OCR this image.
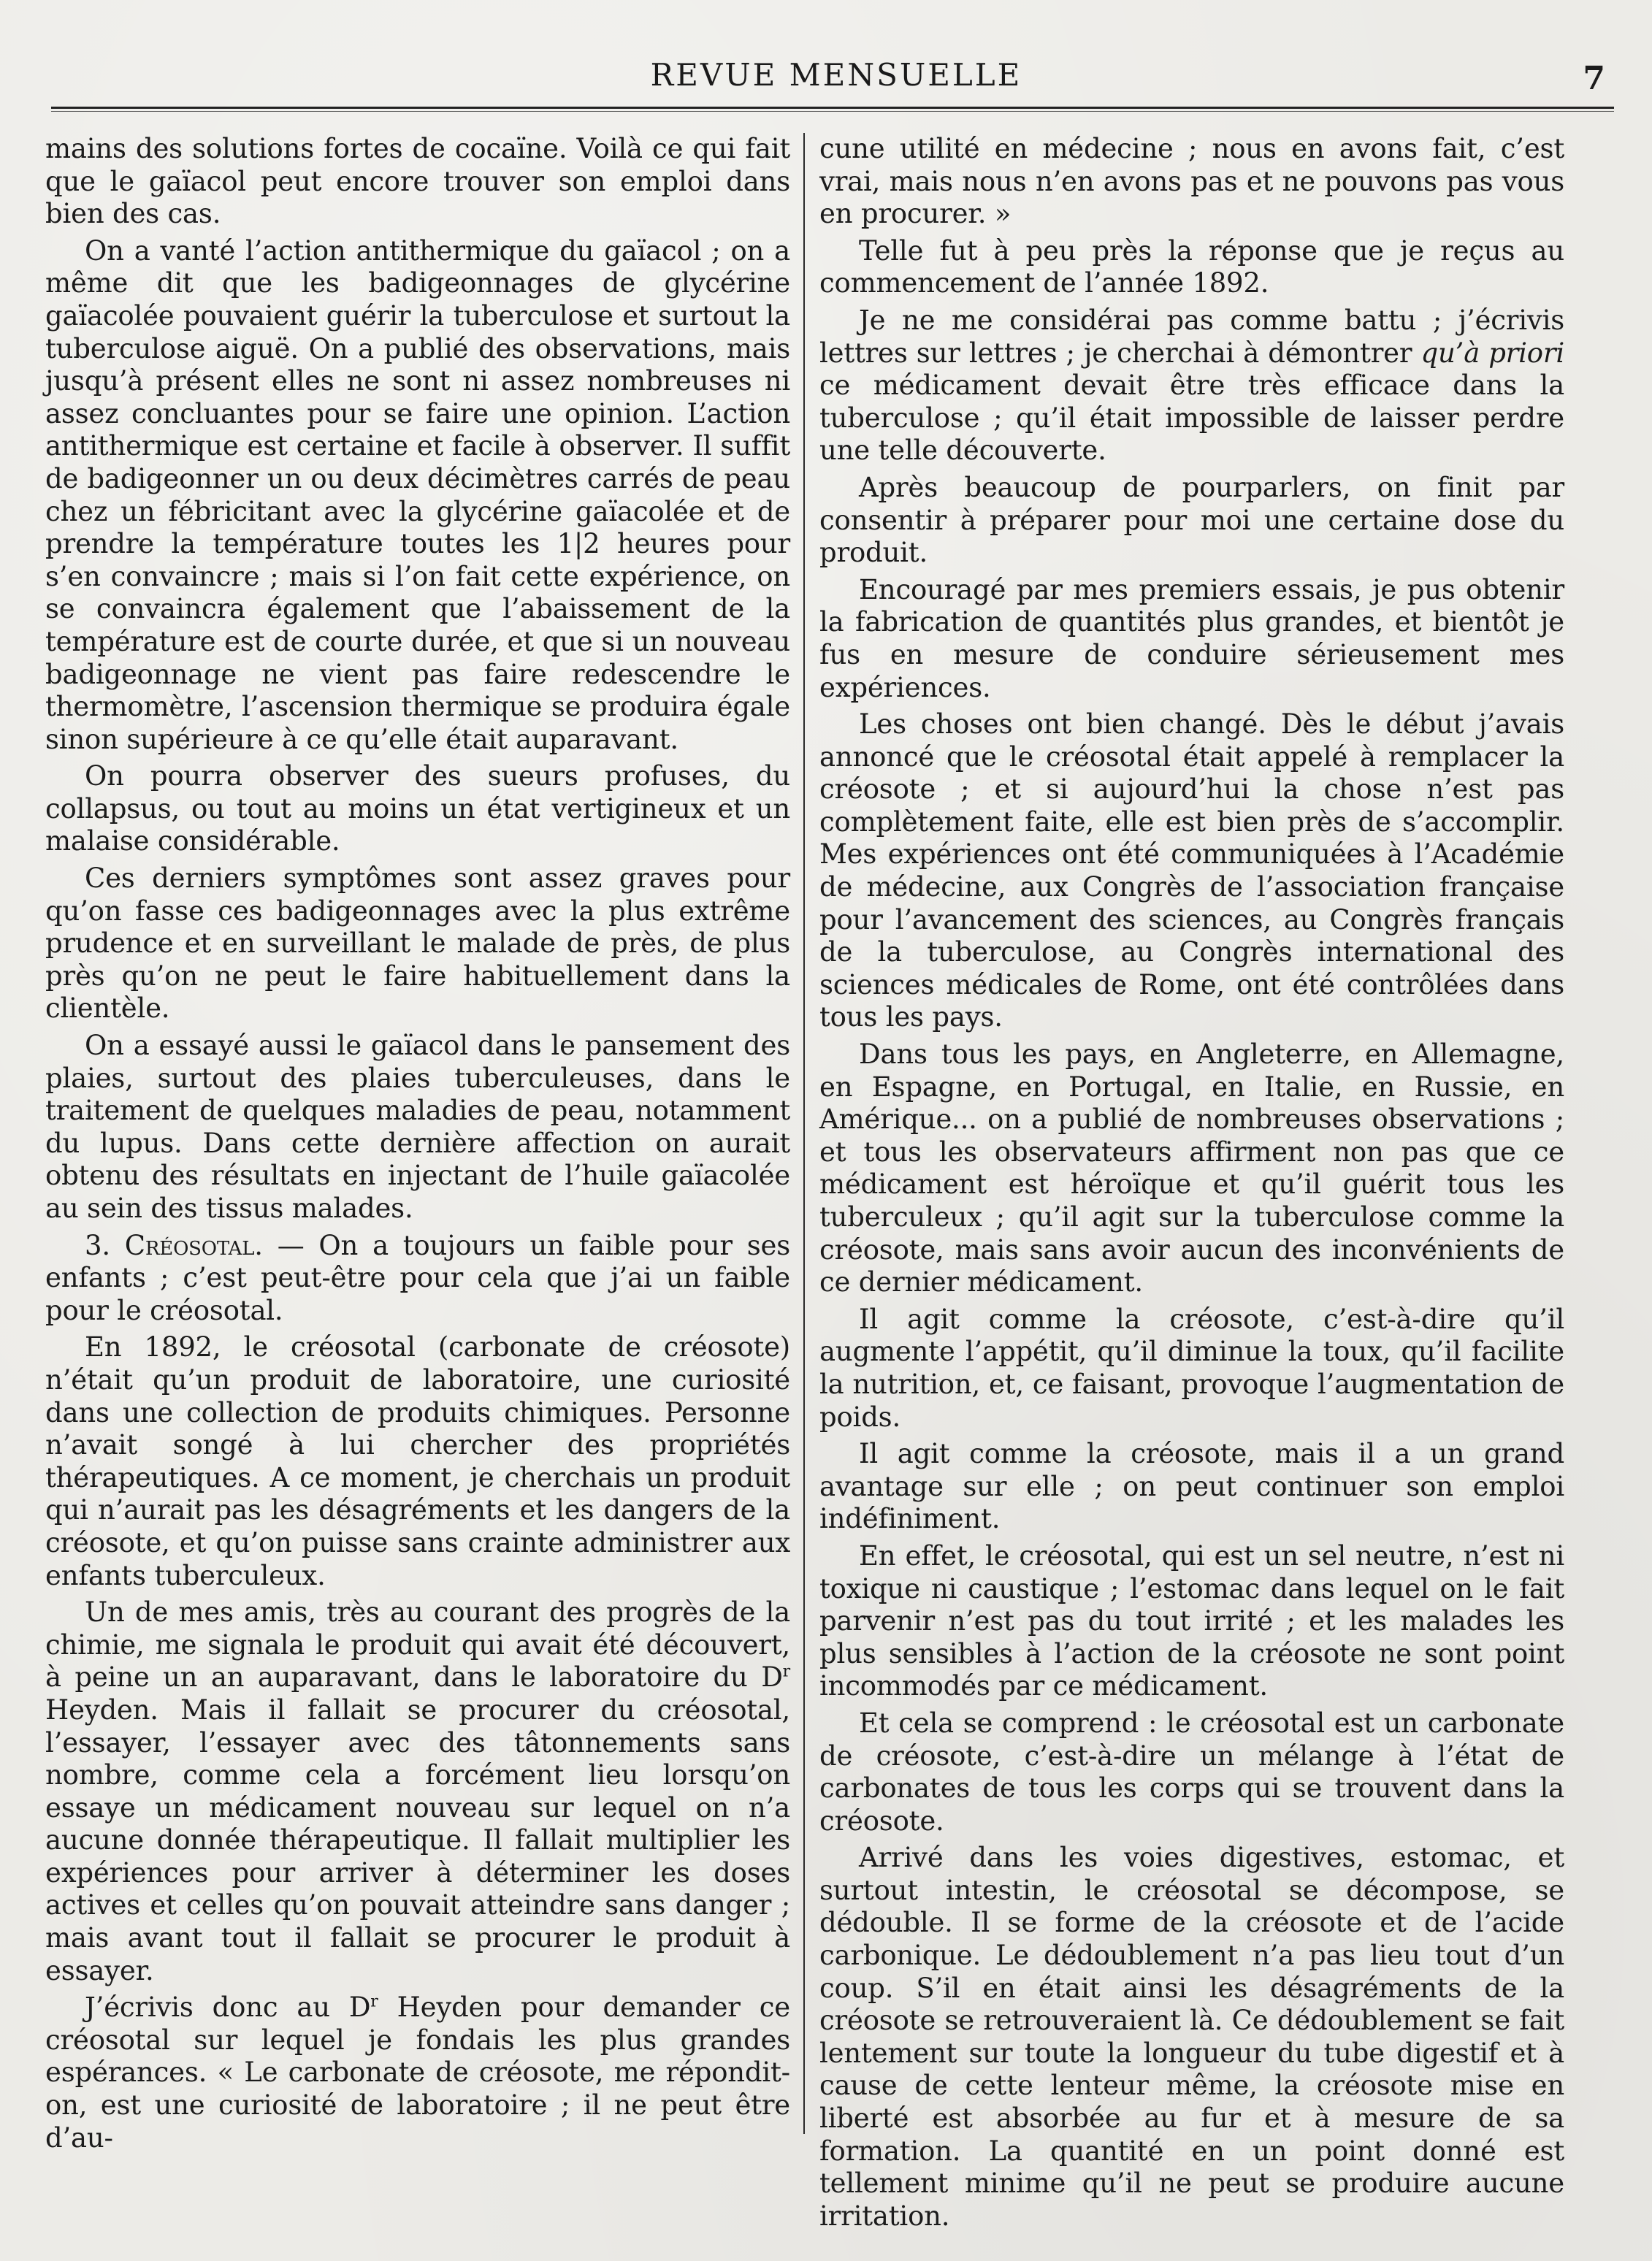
REVUE MENSUELLE	7

mains des solutions fortes de cocaïne. Voilà ce qui fait que le gaïacol peut encore trouver son emploi dans bien des cas.

On a vanté l’action antithermique du gaïacol ; on a même dit que les badigeonnages de glycérine gaïacolée pouvaient guérir la tuberculose et surtout la tuberculose aiguë. On a publié des observations, mais jusqu’à présent elles ne sont ni assez nombreuses ni assez concluantes pour se faire une opinion. L’action antithermique est certaine et facile à observer. Il suffit de badigeonner un ou deux décimètres carrés de peau chez un fébricitant avec la glycérine gaïacolée et de prendre la température toutes les 1|2 heures pour s’en convaincre ; mais si l’on fait cette expérience, on se convaincra également que l’abaissement de la température est de courte durée, et que si un nouveau badigeonnage ne vient pas faire redescendre le thermomètre, l’ascension thermique se produira égale sinon supérieure à ce qu’elle était auparavant.

On pourra observer des sueurs profuses, du collapsus, ou tout au moins un état vertigineux et un malaise considérable.

Ces derniers symptômes sont assez graves pour qu’on fasse ces badigeonnages avec la plus extrême prudence et en surveillant le malade de près, de plus près qu’on ne peut le faire habituellement dans la clientèle.

On a essayé aussi le gaïacol dans le pansement des plaies, surtout des plaies tuberculeuses, dans le traitement de quelques maladies de peau, notamment du lupus. Dans cette dernière affection on aurait obtenu des résultats en injectant de l’huile gaïacolée au sein des tissus malades.

3. Créosotal. — On a toujours un faible pour ses enfants ; c’est peut-être pour cela que j’ai un faible pour le créosotal.

En 1892, le créosotal (carbonate de créosote) n’était qu’un produit de laboratoire, une curiosité dans une collection de produits chimiques. Personne n’avait songé à lui chercher des propriétés thérapeutiques. A ce moment, je cherchais un produit qui n’aurait pas les désagréments et les dangers de la créosote, et qu’on puisse sans crainte administrer aux enfants tuberculeux.

Un de mes amis, très au courant des progrès de la chimie, me signala le produit qui avait été découvert, à peine un an auparavant, dans le laboratoire du $D^r$ Heyden. Mais il fallait se procurer du créosotal, l’essayer, l’essayer avec des tâtonnements sans nombre, comme cela a forcément lieu lorsqu’on essaye un médicament nouveau sur lequel on n’a aucune donnée thérapeutique. Il fallait multiplier les expériences pour arriver à déterminer les doses actives et celles qu’on pouvait atteindre sans danger ; mais avant tout il fallait se procurer le produit à essayer.

J’écrivis donc au $D^r$ Heyden pour demander ce créosotal sur lequel je fondais les plus grandes espérances. « Le carbonate de créosote, me répondit-on, est une curiosité de laboratoire ; il ne peut être d’au-

cune utilité en médecine ; nous en avons fait, c’est vrai, mais nous n’en avons pas et ne pouvons pas vous en procurer. »

Telle fut à peu près la réponse que je reçus au commencement de l’année 1892.

Je ne me considérai pas comme battu ; j’écrivis lettres sur lettres ; je cherchai à démontrer qu’à priori ce médicament devait être très efficace dans la tuberculose ; qu’il était impossible de laisser perdre une telle découverte.

Après beaucoup de pourparlers, on finit par consentir à préparer pour moi une certaine dose du produit.

Encouragé par mes premiers essais, je pus obtenir la fabrication de quantités plus grandes, et bientôt je fus en mesure de conduire sérieusement mes expériences.

Les choses ont bien changé. Dès le début j’avais annoncé que le créosotal était appelé à remplacer la créosote ; et si aujourd’hui la chose n’est pas complètement faite, elle est bien près de s’accomplir. Mes expériences ont été communiquées à l’Académie de médecine, aux Congrès de l’association française pour l’avancement des sciences, au Congrès français de la tuberculose, au Congrès international des sciences médicales de Rome, ont été contrôlées dans tous les pays.

Dans tous les pays, en Angleterre, en Allemagne, en Espagne, en Portugal, en Italie, en Russie, en Amérique... on a publié de nombreuses observations ; et tous les observateurs affirment non pas que ce médicament est héroïque et qu’il guérit tous les tuberculeux ; qu’il agit sur la tuberculose comme la créosote, mais sans avoir aucun des inconvénients de ce dernier médicament.

Il agit comme la créosote, c’est-à-dire qu’il augmente l’appétit, qu’il diminue la toux, qu’il facilite la nutrition, et, ce faisant, provoque l’augmentation de poids.

Il agit comme la créosote, mais il a un grand avantage sur elle ; on peut continuer son emploi indéfiniment.

En effet, le créosotal, qui est un sel neutre, n’est ni toxique ni caustique ; l’estomac dans lequel on le fait parvenir n’est pas du tout irrité ; et les malades les plus sensibles à l’action de la créosote ne sont point incommodés par ce médicament.

Et cela se comprend : le créosotal est un carbonate de créosote, c’est-à-dire un mélange à l’état de carbonates de tous les corps qui se trouvent dans la créosote.

Arrivé dans les voies digestives, estomac, et surtout intestin, le créosotal se décompose, se dédouble. Il se forme de la créosote et de l’acide carbonique. Le dédoublement n’a pas lieu tout d’un coup. S’il en était ainsi les désagréments de la créosote se retrouveraient là. Ce dédoublement se fait lentement sur toute la longueur du tube digestif et à cause de cette lenteur même, la créosote mise en liberté est absorbée au fur et à mesure de sa formation. La quantité en un point donné est tellement minime qu’il ne peut se produire aucune irritation.
